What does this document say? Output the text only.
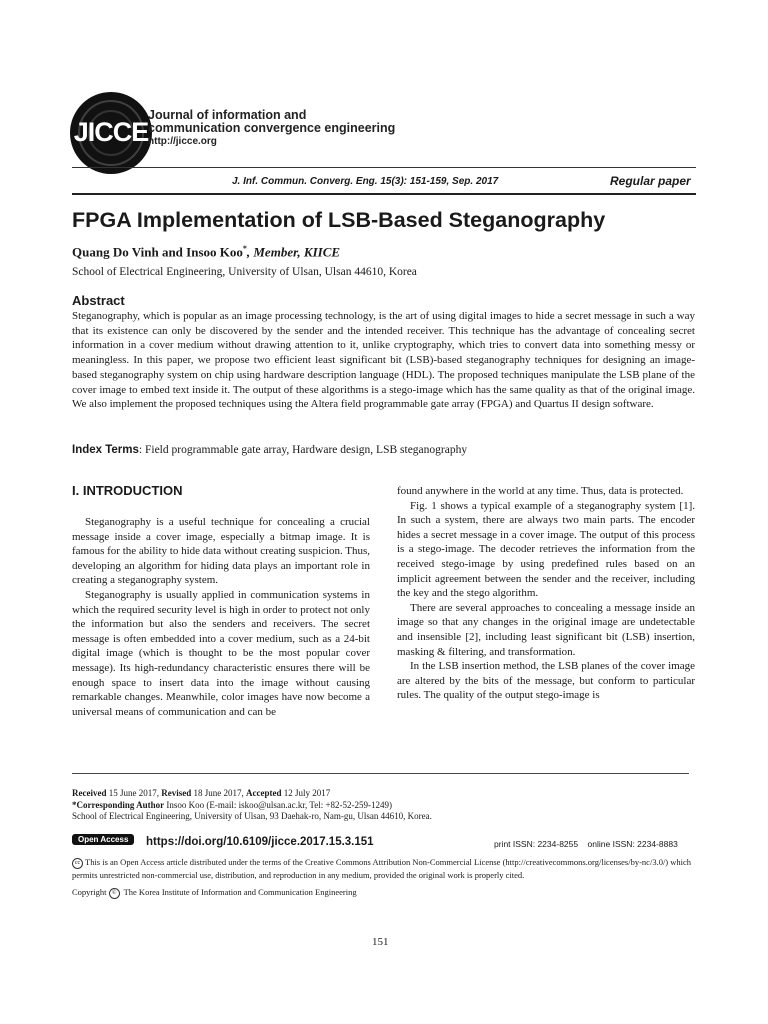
JICCE
Journal of information and
communication convergence engineering
http://jicce.org
J. Inf. Commun. Converg. Eng. 15(3): 151-159, Sep. 2017	Regular paper
FPGA Implementation of LSB-Based Steganography
Quang Do Vinh and Insoo Koo*, Member, KIICE
School of Electrical Engineering, University of Ulsan, Ulsan 44610, Korea
Abstract
Steganography, which is popular as an image processing technology, is the art of using digital images to hide a secret message in such a way that its existence can only be discovered by the sender and the intended receiver. This technique has the advantage of concealing secret information in a cover medium without drawing attention to it, unlike cryptography, which tries to convert data into something messy or meaningless. In this paper, we propose two efficient least significant bit (LSB)-based steganography techniques for designing an image-based steganography system on chip using hardware description language (HDL). The proposed techniques manipulate the LSB plane of the cover image to embed text inside it. The output of these algorithms is a stego-image which has the same quality as that of the original image. We also implement the proposed techniques using the Altera field programmable gate array (FPGA) and Quartus II design software.
Index Terms: Field programmable gate array, Hardware design, LSB steganography
I. INTRODUCTION

Steganography is a useful technique for concealing a crucial message inside a cover image, especially a bitmap image. It is famous for the ability to hide data without creating suspicion. Thus, developing an algorithm for hiding data plays an important role in creating a steganography system.

Steganography is usually applied in communication systems in which the required security level is high in order to protect not only the information but also the senders and receivers. The secret message is often embedded into a cover medium, such as a 24-bit digital image (which is thought to be the most popular cover message). Its high-redundancy characteristic ensures there will be enough space to insert data into the image without causing remarkable changes. Meanwhile, color images have now become a universal means of communication and can be

found anywhere in the world at any time. Thus, data is protected.

Fig. 1 shows a typical example of a steganography system [1]. In such a system, there are always two main parts. The encoder hides a secret message in a cover image. The output of this process is a stego-image. The decoder retrieves the information from the received stego-image by using predefined rules based on an implicit agreement between the sender and the receiver, including the key and the stego algorithm.

There are several approaches to concealing a message inside an image so that any changes in the original image are undetectable and insensible [2], including least significant bit (LSB) insertion, masking & filtering, and transformation.

In the LSB insertion method, the LSB planes of the cover image are altered by the bits of the message, but conform to particular rules. The quality of the output stego-image is

Received 15 June 2017, Revised 18 June 2017, Accepted 12 July 2017
*Corresponding Author Insoo Koo (E-mail: iskoo@ulsan.ac.kr, Tel: +82-52-259-1249)
School of Electrical Engineering, University of Ulsan, 93 Daehak-ro, Nam-gu, Ulsan 44610, Korea.
Open Access	https://doi.org/10.6109/jicce.2017.15.3.151	print ISSN: 2234-8255    online ISSN: 2234-8883
cc This is an Open Access article distributed under the terms of the Creative Commons Attribution Non-Commercial License (http://creativecommons.org/licenses/by-nc/3.0/) which permits unrestricted non-commercial use, distribution, and reproduction in any medium, provided the original work is properly cited.
Copyright © The Korea Institute of Information and Communication Engineering
151
